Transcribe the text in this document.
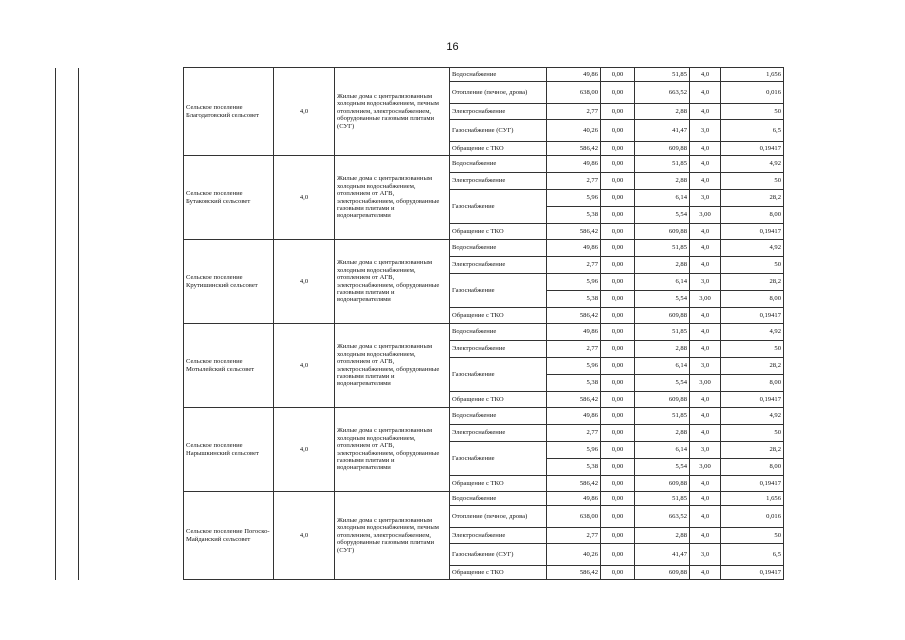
16
		Сельское поселение Благодатовский сельсовет	4,0	Жилые дома с централизованным холодным водоснабжением, печным отоплением, электроснабжением, оборудованные газовыми плитами (СУГ)	Водоснабжение	49,86	0,00	51,85	4,0	1,656
					Отопление (печное, дрова)	638,00	0,00	663,52	4,0	0,016
					Электроснабжение	2,77	0,00	2,88	4,0	50
					Газоснабжение (СУГ)	40,26	0,00	41,47	3,0	6,5
					Обращение с ТКО	586,42	0,00	609,88	4,0	0,19417
		Сельское поселение Бутаковский сельсовет	4,0	Жилые дома с централизованным холодным водоснабжением, отоплением от АГВ, электроснабжением, оборудованные газовыми плитами и водонагревателями	Водоснабжение	49,86	0,00	51,85	4,0	4,92
					Электроснабжение	2,77	0,00	2,88	4,0	50
					Газоснабжение	5,96	0,00	6,14	3,0	28,2
						5,38	0,00	5,54	3,00	8,00
					Обращение с ТКО	586,42	0,00	609,88	4,0	0,19417
		Сельское поселение Крутишинский сельсовет	4,0	Жилые дома с централизованным холодным водоснабжением, отоплением от АГВ, электроснабжением, оборудованные газовыми плитами и водонагревателями	Водоснабжение	49,86	0,00	51,85	4,0	4,92
					Электроснабжение	2,77	0,00	2,88	4,0	50
					Газоснабжение	5,96	0,00	6,14	3,0	28,2
						5,38	0,00	5,54	3,00	8,00
					Обращение с ТКО	586,42	0,00	609,88	4,0	0,19417
		Сельское поселение Мотылейский сельсовет	4,0	Жилые дома с централизованным холодным водоснабжением, отоплением от АГВ, электроснабжением, оборудованные газовыми плитами и водонагревателями	Водоснабжение	49,86	0,00	51,85	4,0	4,92
					Электроснабжение	2,77	0,00	2,88	4,0	50
					Газоснабжение	5,96	0,00	6,14	3,0	28,2
						5,38	0,00	5,54	3,00	8,00
					Обращение с ТКО	586,42	0,00	609,88	4,0	0,19417
		Сельское поселение Нарышкинский сельсовет	4,0	Жилые дома с централизованным холодным водоснабжением, отоплением от АГВ, электроснабжением, оборудованные газовыми плитами и водонагревателями	Водоснабжение	49,86	0,00	51,85	4,0	4,92
					Электроснабжение	2,77	0,00	2,88	4,0	50
					Газоснабжение	5,96	0,00	6,14	3,0	28,2
						5,38	0,00	5,54	3,00	8,00
					Обращение с ТКО	586,42	0,00	609,88	4,0	0,19417
		Сельское поселение Погоско-Майданский сельсовет	4,0	Жилые дома с централизованным холодным водоснабжением, печным отоплением, электроснабжением, оборудованные газовыми плитами (СУГ)	Водоснабжение	49,86	0,00	51,85	4,0	1,656
					Отопление (печное, дрова)	638,00	0,00	663,52	4,0	0,016
					Электроснабжение	2,77	0,00	2,88	4,0	50
					Газоснабжение (СУГ)	40,26	0,00	41,47	3,0	6,5
					Обращение с ТКО	586,42	0,00	609,88	4,0	0,19417
